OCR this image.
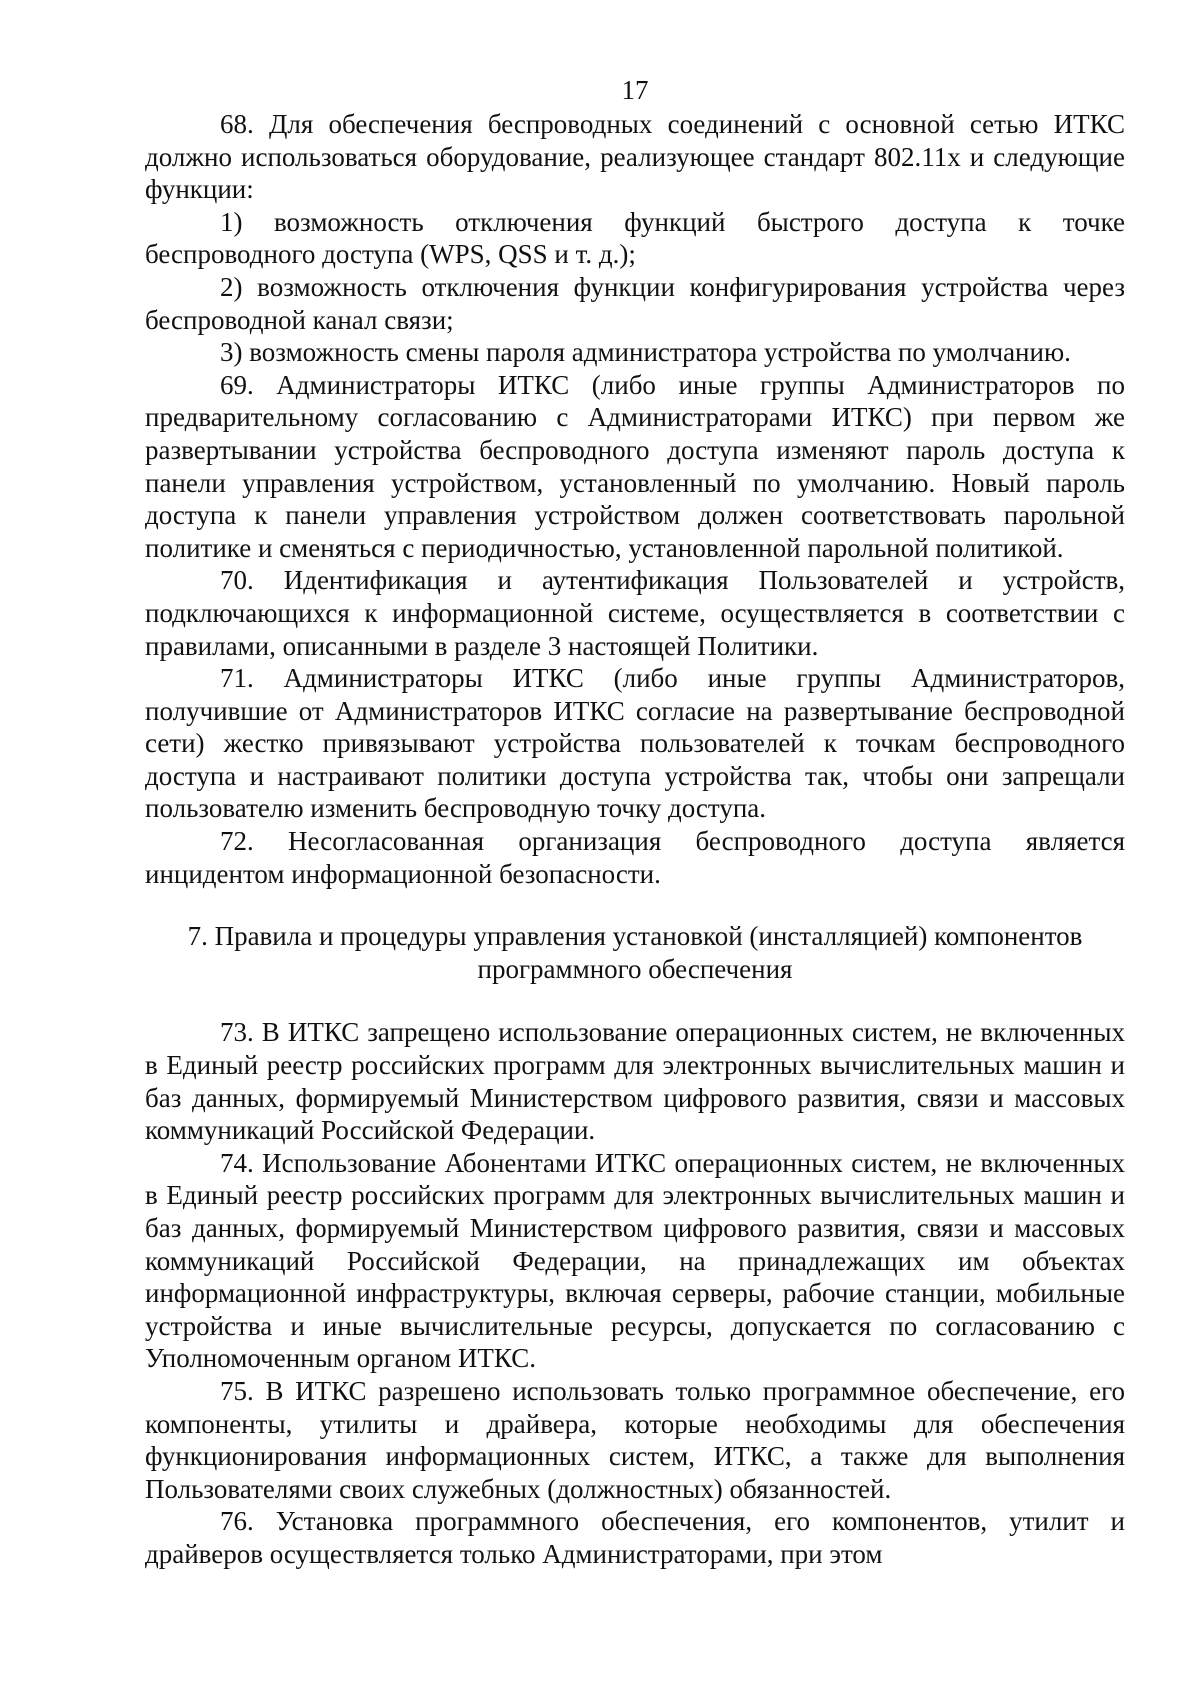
17

68. Для обеспечения беспроводных соединений с основной сетью ИТКС должно использоваться оборудование, реализующее стандарт 802.11x и следующие функции:

1) возможность отключения функций быстрого доступа к точке беспроводного доступа (WPS, QSS и т. д.);

2) возможность отключения функции конфигурирования устройства через беспроводной канал связи;

3) возможность смены пароля администратора устройства по умолчанию.

69. Администраторы ИТКС (либо иные группы Администраторов по предварительному согласованию с Администраторами ИТКС) при первом же развертывании устройства беспроводного доступа изменяют пароль доступа к панели управления устройством, установленный по умолчанию. Новый пароль доступа к панели управления устройством должен соответствовать парольной политике и сменяться с периодичностью, установленной парольной политикой.

70. Идентификация и аутентификация Пользователей и устройств, подключающихся к информационной системе, осуществляется в соответствии с правилами, описанными в разделе 3 настоящей Политики.

71. Администраторы ИТКС (либо иные группы Администраторов, получившие от Администраторов ИТКС согласие на развертывание беспроводной сети) жестко привязывают устройства пользователей к точкам беспроводного доступа и настраивают политики доступа устройства так, чтобы они запрещали пользователю изменить беспроводную точку доступа.

72. Несогласованная организация беспроводного доступа является инцидентом информационной безопасности.

7. Правила и процедуры управления установкой (инсталляцией) компонентов
программного обеспечения

73. В ИТКС запрещено использование операционных систем, не включенных в Единый реестр российских программ для электронных вычислительных машин и баз данных, формируемый Министерством цифрового развития, связи и массовых коммуникаций Российской Федерации.

74. Использование Абонентами ИТКС операционных систем, не включенных в Единый реестр российских программ для электронных вычислительных машин и баз данных, формируемый Министерством цифрового развития, связи и массовых коммуникаций Российской Федерации, на принадлежащих им объектах информационной инфраструктуры, включая серверы, рабочие станции, мобильные устройства и иные вычислительные ресурсы, допускается по согласованию с Уполномоченным органом ИТКС.

75. В ИТКС разрешено использовать только программное обеспечение, его компоненты, утилиты и драйвера, которые необходимы для обеспечения функционирования информационных систем, ИТКС, а также для выполнения Пользователями своих служебных (должностных) обязанностей.

76. Установка программного обеспечения, его компонентов, утилит и драйверов осуществляется только Администраторами, при этом
